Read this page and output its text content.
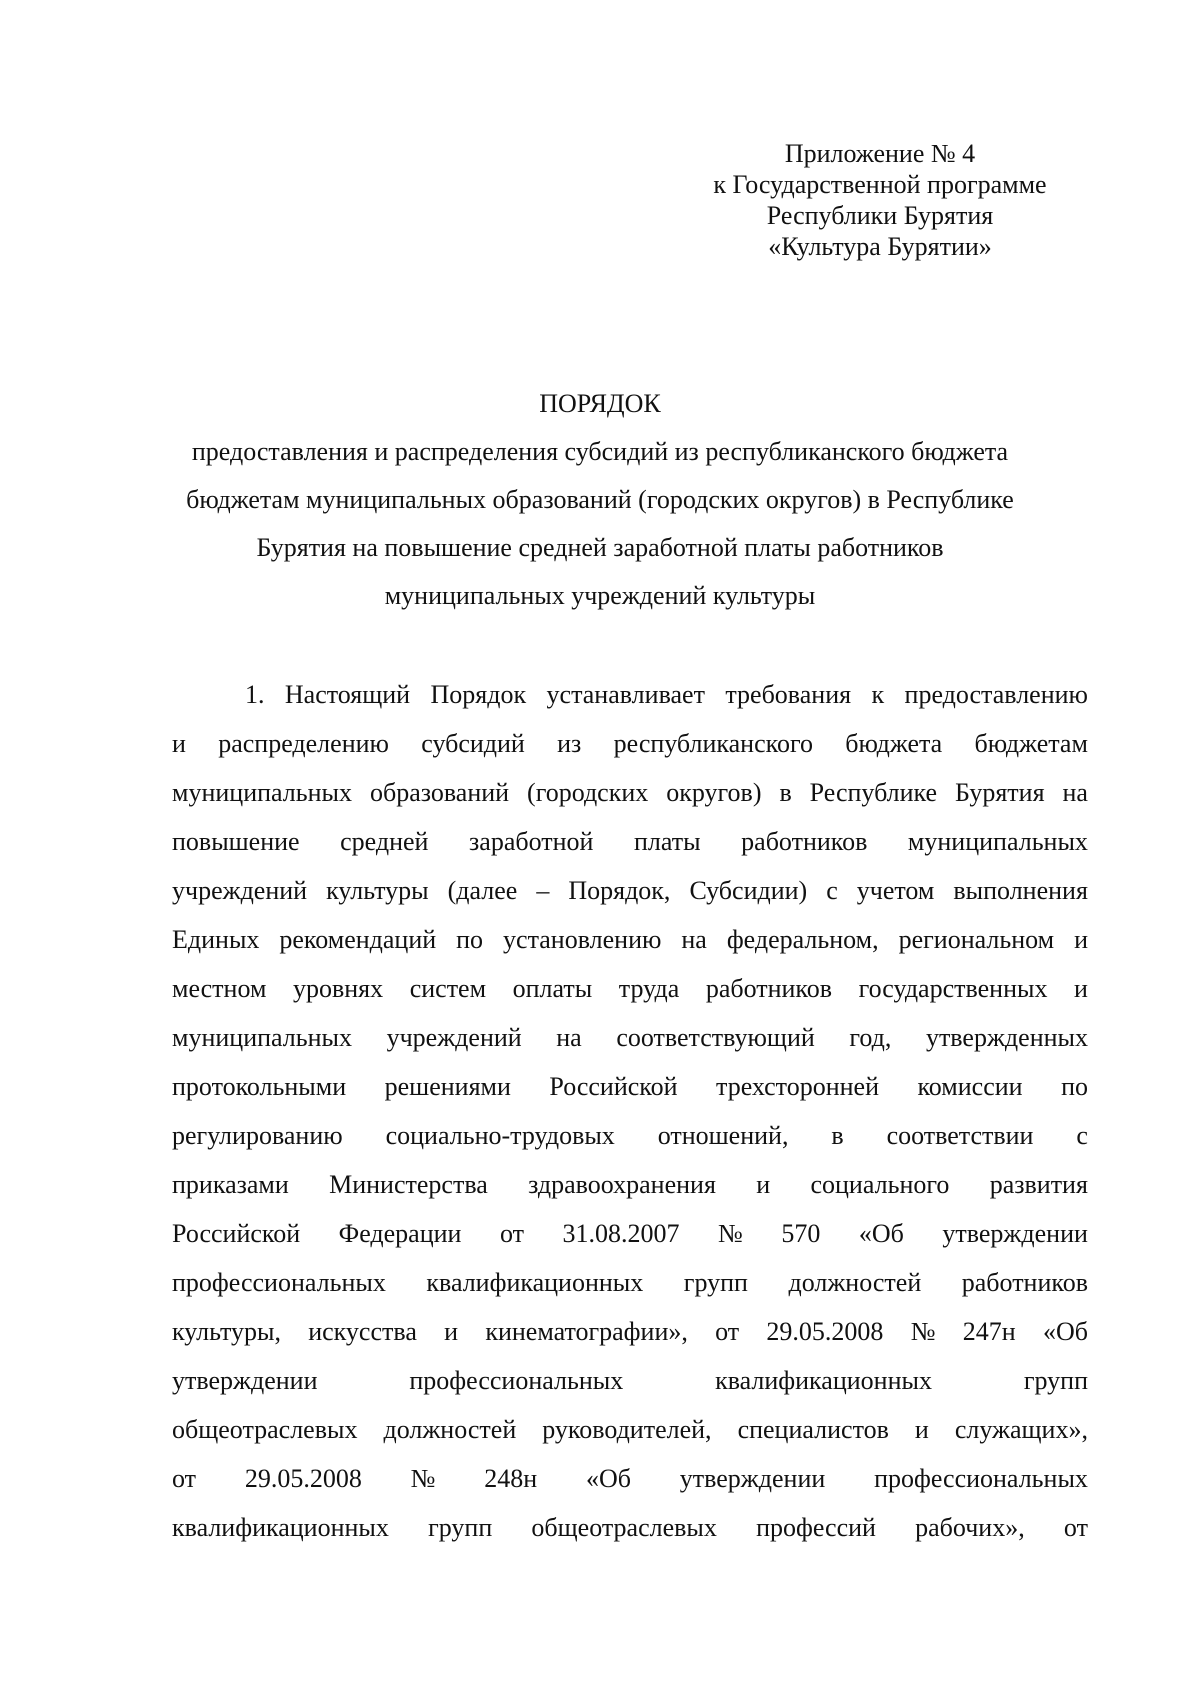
Приложение № 4
к Государственной программе
Республики Бурятия
«Культура Бурятии»
ПОРЯДОК
предоставления и распределения субсидий из республиканского бюджета
бюджетам муниципальных образований (городских округов) в Республике
Бурятия на повышение средней заработной платы работников
муниципальных учреждений культуры
1. Настоящий Порядок устанавливает требования к предоставлению
и распределению субсидий из республиканского бюджета бюджетам
муниципальных образований (городских округов) в Республике Бурятия на
повышение средней заработной платы работников муниципальных
учреждений культуры (далее – Порядок, Субсидии) с учетом выполнения
Единых рекомендаций по установлению на федеральном, региональном и
местном уровнях систем оплаты труда работников государственных и
муниципальных учреждений на соответствующий год, утвержденных
протокольными решениями Российской трехсторонней комиссии по
регулированию социально-трудовых отношений, в соответствии с
приказами Министерства здравоохранения и социального развития
Российской Федерации от 31.08.2007 № 570 «Об утверждении
профессиональных квалификационных групп должностей работников
культуры, искусства и кинематографии», от 29.05.2008 № 247н «Об
утверждении	профессиональных	квалификационных	групп
общеотраслевых должностей руководителей, специалистов и служащих»,
от 29.05.2008 № 248н «Об утверждении профессиональных
квалификационных групп общеотраслевых профессий рабочих», от
